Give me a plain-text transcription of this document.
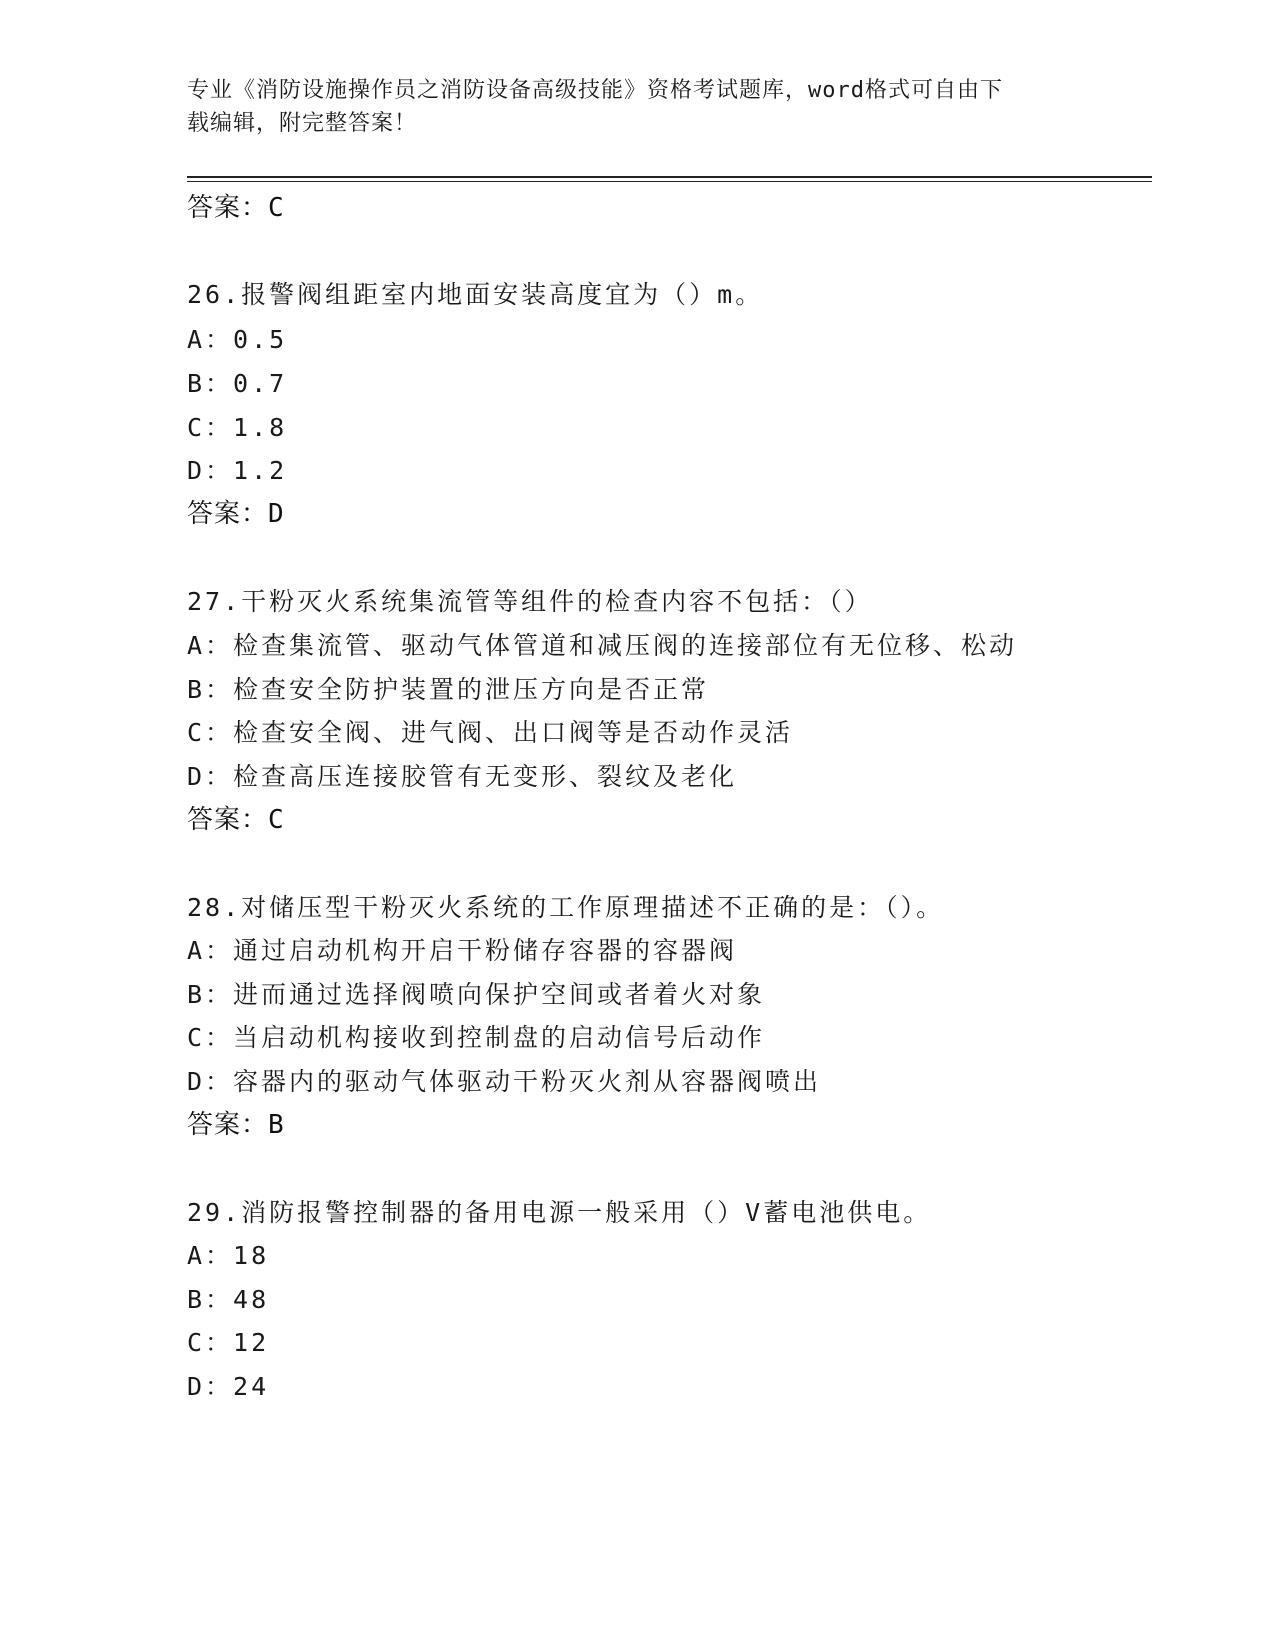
专业《消防设施操作员之消防设备高级技能》资格考试题库，word格式可自由下
载编辑，附完整答案！
答案：C
26.报警阀组距室内地面安装高度宜为（）m。
A：0.5
B：0.7
C：1.8
D：1.2
答案：D
27.干粉灭火系统集流管等组件的检查内容不包括：（）
A：检查集流管、驱动气体管道和减压阀的连接部位有无位移、松动
B：检查安全防护装置的泄压方向是否正常
C：检查安全阀、进气阀、出口阀等是否动作灵活
D：检查高压连接胶管有无变形、裂纹及老化
答案：C
28.对储压型干粉灭火系统的工作原理描述不正确的是：（）。
A：通过启动机构开启干粉储存容器的容器阀
B：进而通过选择阀喷向保护空间或者着火对象
C：当启动机构接收到控制盘的启动信号后动作
D：容器内的驱动气体驱动干粉灭火剂从容器阀喷出
答案：B
29.消防报警控制器的备用电源一般采用（）V蓄电池供电。
A：18
B：48
C：12
D：24
